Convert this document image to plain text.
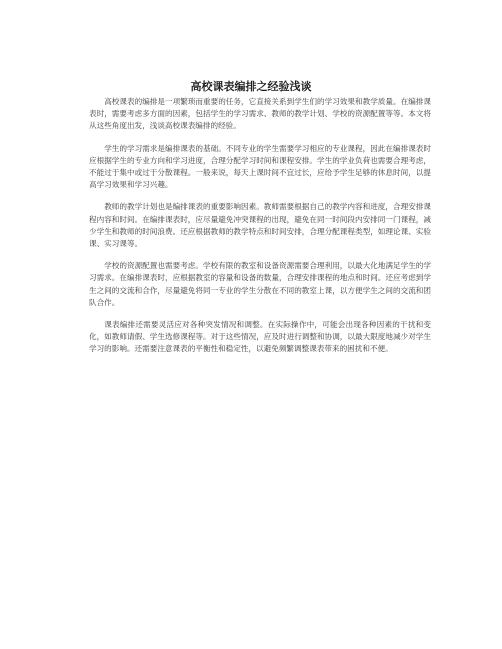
高校课表编排之经验浅谈

高校课表的编排是一项繁琐而重要的任务，它直接关系到学生们的学习效果和教学质量。在编排课表时，需要考虑多方面的因素，包括学生的学习需求、教师的教学计划、学校的资源配置等等。本文将从这些角度出发，浅谈高校课表编排的经验。

学生的学习需求是编排课表的基础。不同专业的学生需要学习相应的专业课程，因此在编排课表时应根据学生的专业方向和学习进度，合理分配学习时间和课程安排。学生的学业负荷也需要合理考虑，不能过于集中或过于分散课程。一般来说，每天上课时间不宜过长，应给予学生足够的休息时间，以提高学习效果和学习兴趣。

教师的教学计划也是编排课表的重要影响因素。教师需要根据自己的教学内容和进度，合理安排课程内容和时间。在编排课表时，应尽量避免冲突课程的出现，避免在同一时间段内安排同一门课程，减少学生和教师的时间浪费。还应根据教师的教学特点和时间安排，合理分配课程类型，如理论课、实验课、实习课等。

学校的资源配置也需要考虑。学校有限的教室和设备资源需要合理利用，以最大化地满足学生的学习需求。在编排课表时，应根据教室的容量和设备的数量，合理安排课程的地点和时间。还应考虑到学生之间的交流和合作，尽量避免将同一专业的学生分散在不同的教室上课，以方便学生之间的交流和团队合作。

课表编排还需要灵活应对各种突发情况和调整。在实际操作中，可能会出现各种因素的干扰和变化，如教师请假、学生选修课程等。对于这些情况，应及时进行调整和协调，以最大限度地减少对学生学习的影响。还需要注意课表的平衡性和稳定性，以避免频繁调整课表带来的困扰和不便。
